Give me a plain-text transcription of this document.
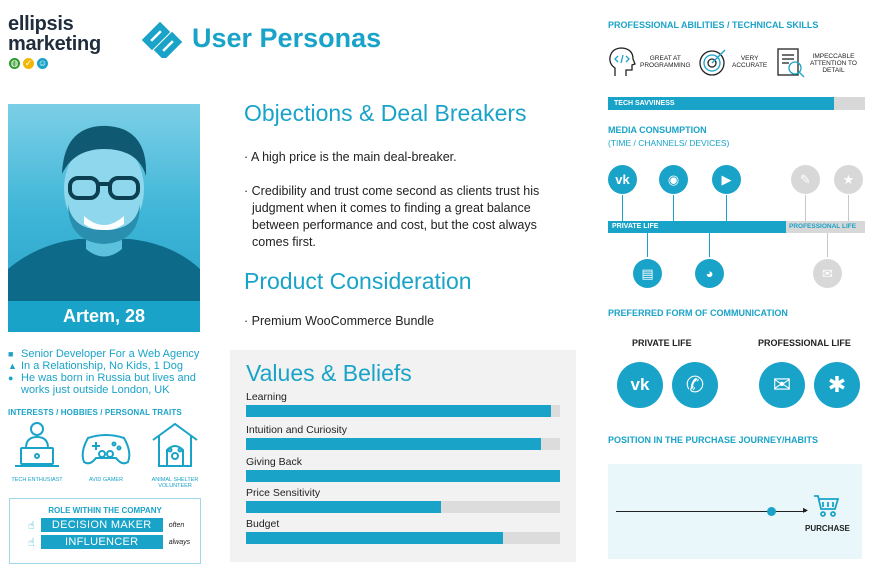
ellipsis
marketing
◍ ✓ ☺
User Personas
Artem, 28
■ Senior Developer For a Web Agency
▲ In a Relationship, No Kids, 1 Dog
● He was born in Russia but lives and
works just outside London, UK
INTERESTS / HOBBIES / PERSONAL TRAITS
TECH ENTHUSIAST	AVID GAMER	ANIMAL SHELTER
VOLUNTEER
ROLE WITHIN THE COMPANY
☝	DECISION MAKER	often
☝	INFLUENCER	always
Objections & Deal Breakers
· A high price is the main deal-breaker.
· Credibility and trust come second as clients trust his
judgment when it comes to finding a great balance
between performance and cost, but the cost always
comes first.
Product Consideration
· Premium WooCommerce Bundle
Values & Beliefs
Learning
Intuition and Curiosity
Giving Back
Price Sensitivity
Budget
PROFESSIONAL ABILITIES / TECHNICAL SKILLS
GREAT AT
PROGRAMMING
VERY
ACCURATE
IMPECCABLE
ATTENTION TO
DETAIL
TECH SAVVINESS
MEDIA CONSUMPTION
(TIME / CHANNELS/ DEVICES)
vk	◉	▶	✎	★
PRIVATE LIFE	PROFESSIONAL LIFE
▤	◕	✉
PREFERRED FORM OF COMMUNICATION
PRIVATE LIFE	PROFESSIONAL LIFE
vk	✆	✉	✱
POSITION IN THE PURCHASE JOURNEY/HABITS
▸
PURCHASE
